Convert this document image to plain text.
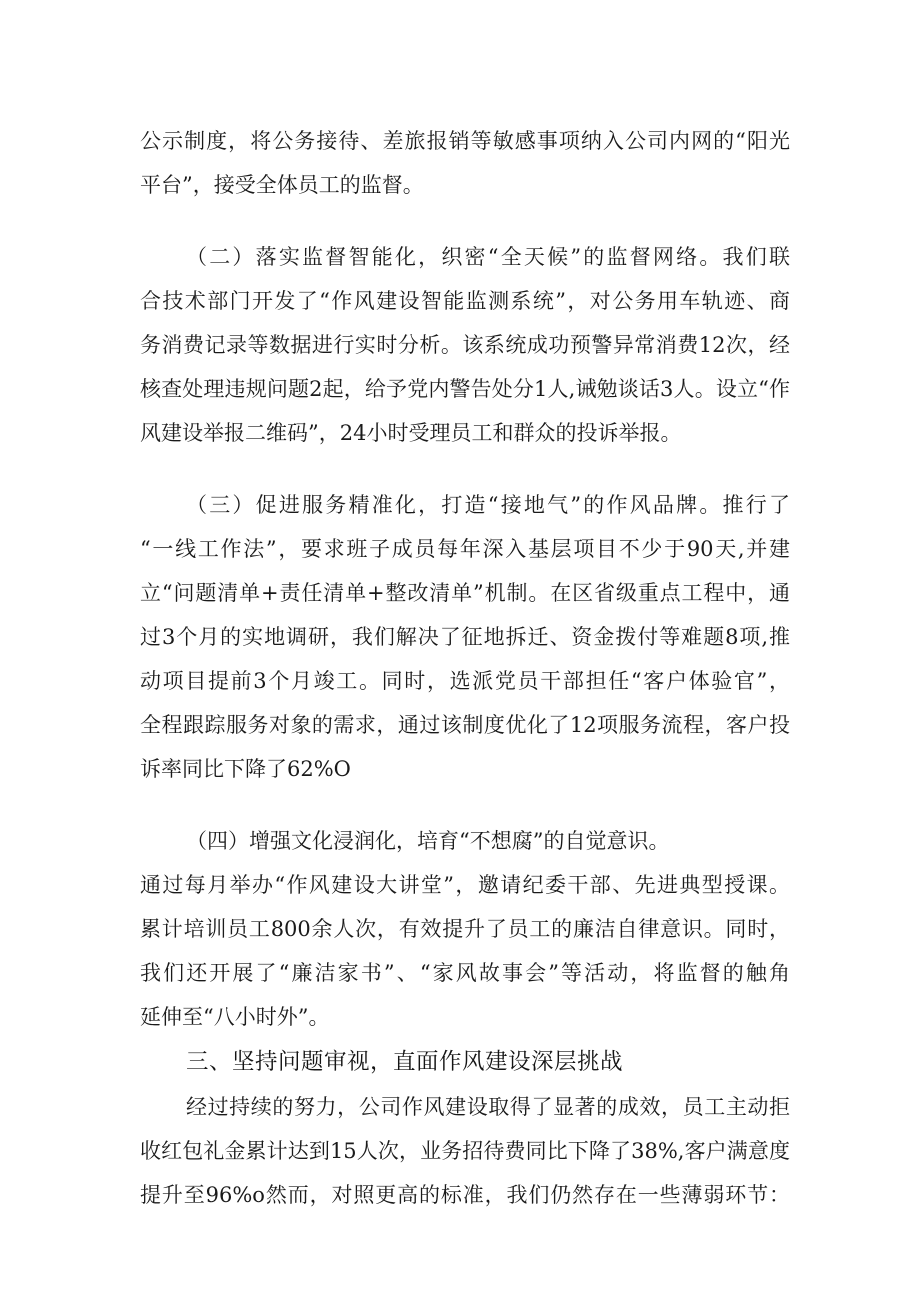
公示制度，将公务接待、差旅报销等敏感事项纳入公司内网的“阳光
平台”，接受全体员工的监督。
（二）落实监督智能化，织密“全天候”的监督网络。我们联
合技术部门开发了“作风建设智能监测系统”，对公务用车轨迹、商
务消费记录等数据进行实时分析。该系统成功预警异常消费12次，经
核查处理违规问题2起，给予党内警告处分1人,诫勉谈话3人。设立“作
风建设举报二维码”，24小时受理员工和群众的投诉举报。
（三）促进服务精准化，打造“接地气”的作风品牌。推行了
“一线工作法”，要求班子成员每年深入基层项目不少于90天,并建
立“问题清单+责任清单+整改清单”机制。在区省级重点工程中，通
过3个月的实地调研，我们解决了征地拆迁、资金拨付等难题8项,推
动项目提前3个月竣工。同时，选派党员干部担任“客户体验官”，
全程跟踪服务对象的需求，通过该制度优化了12项服务流程，客户投
诉率同比下降了62%O
（四）增强文化浸润化，培育“不想腐”的自觉意识。
通过每月举办“作风建设大讲堂”，邀请纪委干部、先进典型授课。
累计培训员工800余人次，有效提升了员工的廉洁自律意识。同时，
我们还开展了“廉洁家书”、“家风故事会”等活动，将监督的触角
延伸至“八小时外”。
三、坚持问题审视，直面作风建设深层挑战
经过持续的努力，公司作风建设取得了显著的成效，员工主动拒
收红包礼金累计达到15人次，业务招待费同比下降了38%,客户满意度
提升至96%o然而，对照更高的标准，我们仍然存在一些薄弱环节：
